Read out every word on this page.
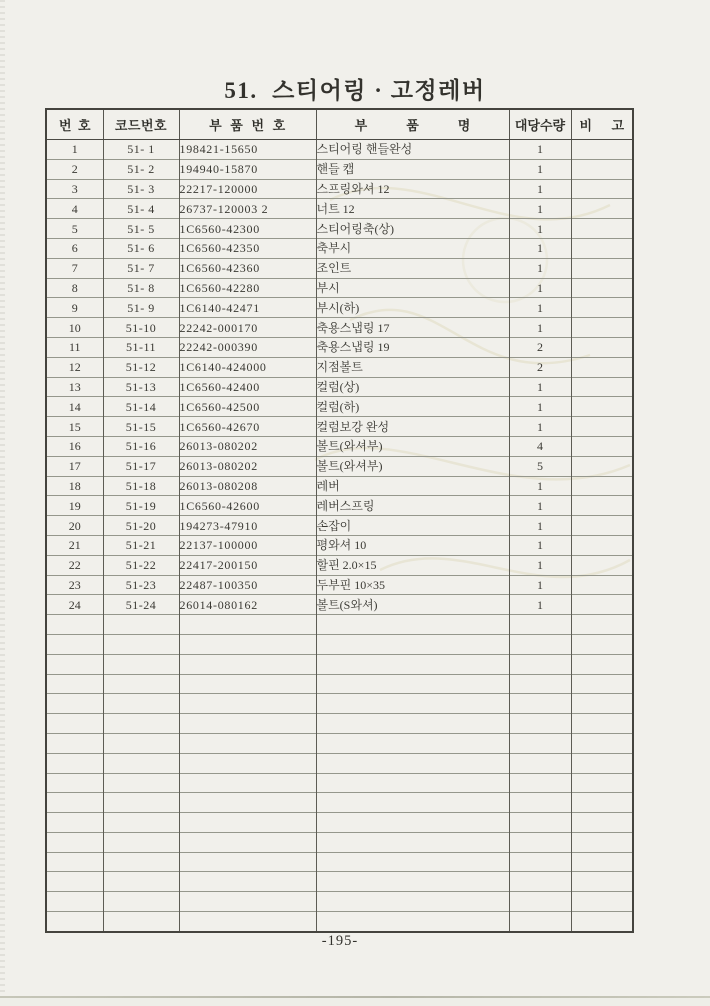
51.  스티어링 · 고정레버
번  호	코드번호	부  품  번  호	부            품            명	대당수량	비      고
1	51- 1	198421-15650	스티어링 핸들완성	1	
2	51- 2	194940-15870	핸들 캡	1	
3	51- 3	22217-120000	스프링와셔 12	1	
4	51- 4	26737-120003 2	너트 12	1	
5	51- 5	1C6560-42300	스티어링축(상)	1	
6	51- 6	1C6560-42350	축부시	1	
7	51- 7	1C6560-42360	조인트	1	
8	51- 8	1C6560-42280	부시	1	
9	51- 9	1C6140-42471	부시(하)	1	
10	51-10	22242-000170	축용스냅링 17	1	
11	51-11	22242-000390	축용스냅링 19	2	
12	51-12	1C6140-424000	지점볼트	2	
13	51-13	1C6560-42400	컬럼(상)	1	
14	51-14	1C6560-42500	컬럼(하)	1	
15	51-15	1C6560-42670	컬럼보강 완성	1	
16	51-16	26013-080202	볼트(와셔부)	4	
17	51-17	26013-080202	볼트(와셔부)	5	
18	51-18	26013-080208	레버	1	
19	51-19	1C6560-42600	레버스프링	1	
20	51-20	194273-47910	손잡이	1	
21	51-21	22137-100000	평와셔 10	1	
22	51-22	22417-200150	할핀 2.0×15	1	
23	51-23	22487-100350	두부핀 10×35	1	
24	51-24	26014-080162	볼트(S와셔)	1	

-195-
